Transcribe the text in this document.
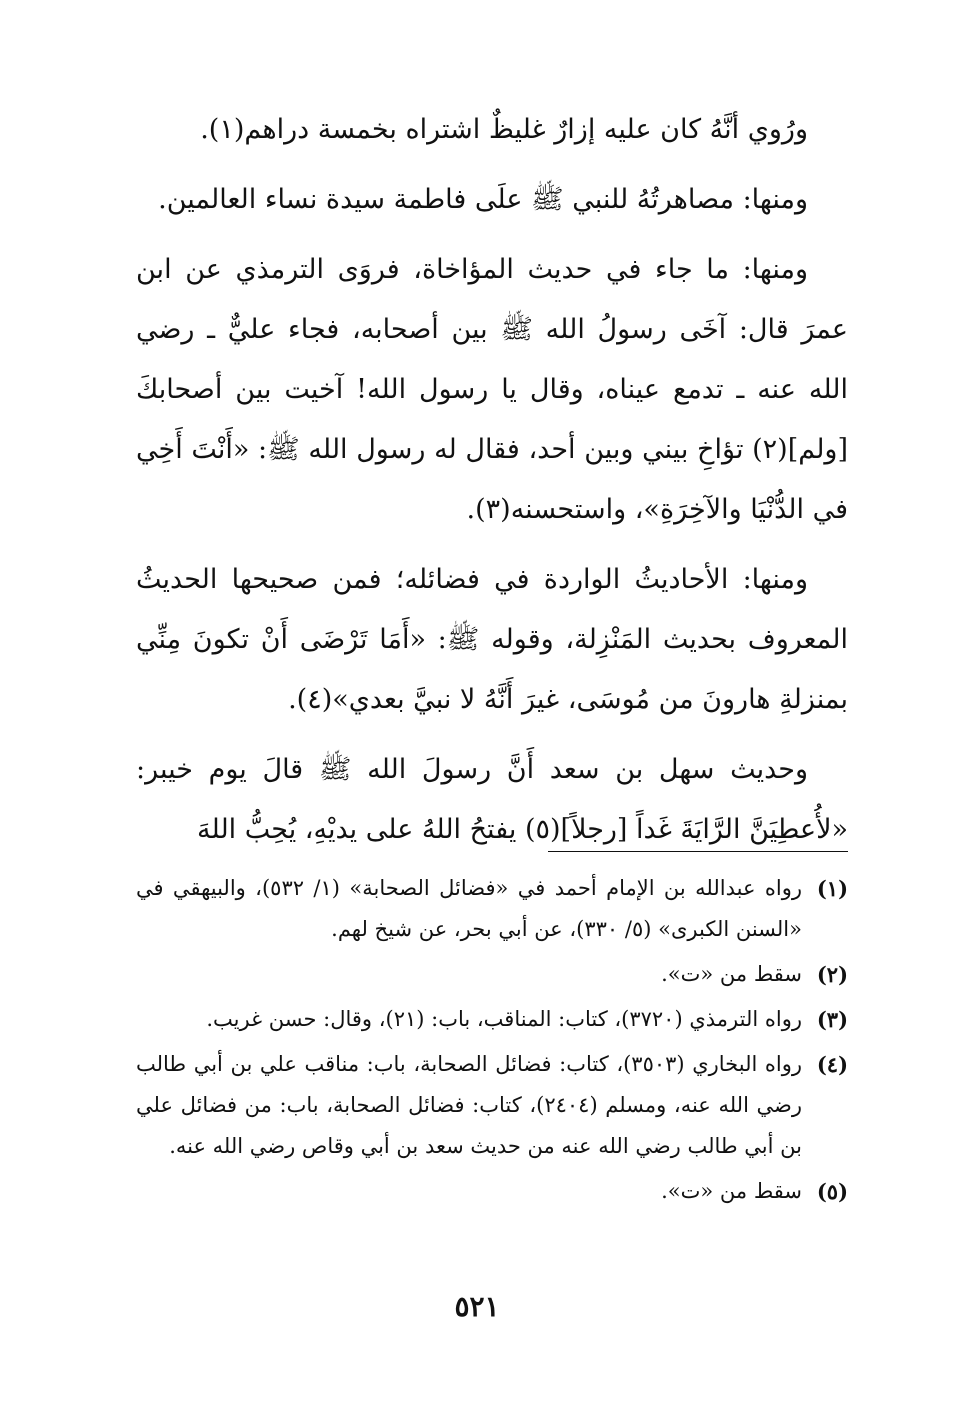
ورُوي أنَّهُ كان عليه إزارٌ غليظٌ اشتراه بخمسة دراهم(١).

ومنها: مصاهرتُهُ للنبي ﷺ علَى فاطمة سيدة نساء العالمين.

ومنها: ما جاء في حديث المؤاخاة، فروَى الترمذي عن ابن عمرَ قال: آخَى رسولُ الله ﷺ بين أصحابه، فجاء عليٌّ ـ رضي الله عنه ـ تدمع عيناه، وقال يا رسول الله! آخيت بين أصحابكَ [ولم](٢) تؤاخِ بيني وبين أحد، فقال له رسول الله ﷺ: «أَنْتَ أَخِي في الدُّنْيَا والآخِرَةِ»، واستحسنه(٣).

ومنها: الأحاديثُ الواردة في فضائله؛ فمن صحيحها الحديثُ المعروف بحديث المَنْزِلة، وقوله ﷺ: «أَمَا تَرْضَى أَنْ تكونَ مِنِّي بمنزلةِ هارونَ من مُوسَى، غيرَ أَنَّهُ لا نبيَّ بعدي»(٤).

وحديث سهل بن سعد أَنَّ رسولَ الله ﷺ قالَ يوم خيبر: «لأُعطِيَنَّ الرَّايَةَ غَداً [رجلاً](٥) يفتحُ اللهُ على يديْهِ، يُحِبُّ اللهَ

(١)
رواه عبدالله بن الإمام أحمد في «فضائل الصحابة» (١/ ٥٣٢)، والبيهقي في «السنن الكبرى» (٥/ ٣٣٠)، عن أبي بحر، عن شيخ لهم.
(٢)
سقط من «ت».
(٣)
رواه الترمذي (٣٧٢٠)، كتاب: المناقب، باب: (٢١)، وقال: حسن غريب.
(٤)
رواه البخاري (٣٥٠٣)، كتاب: فضائل الصحابة، باب: مناقب علي بن أبي طالب رضي الله عنه، ومسلم (٢٤٠٤)، كتاب: فضائل الصحابة، باب: من فضائل علي بن أبي طالب رضي الله عنه من حديث سعد بن أبي وقاص رضي الله عنه.
(٥)
سقط من «ت».
٥٢١
